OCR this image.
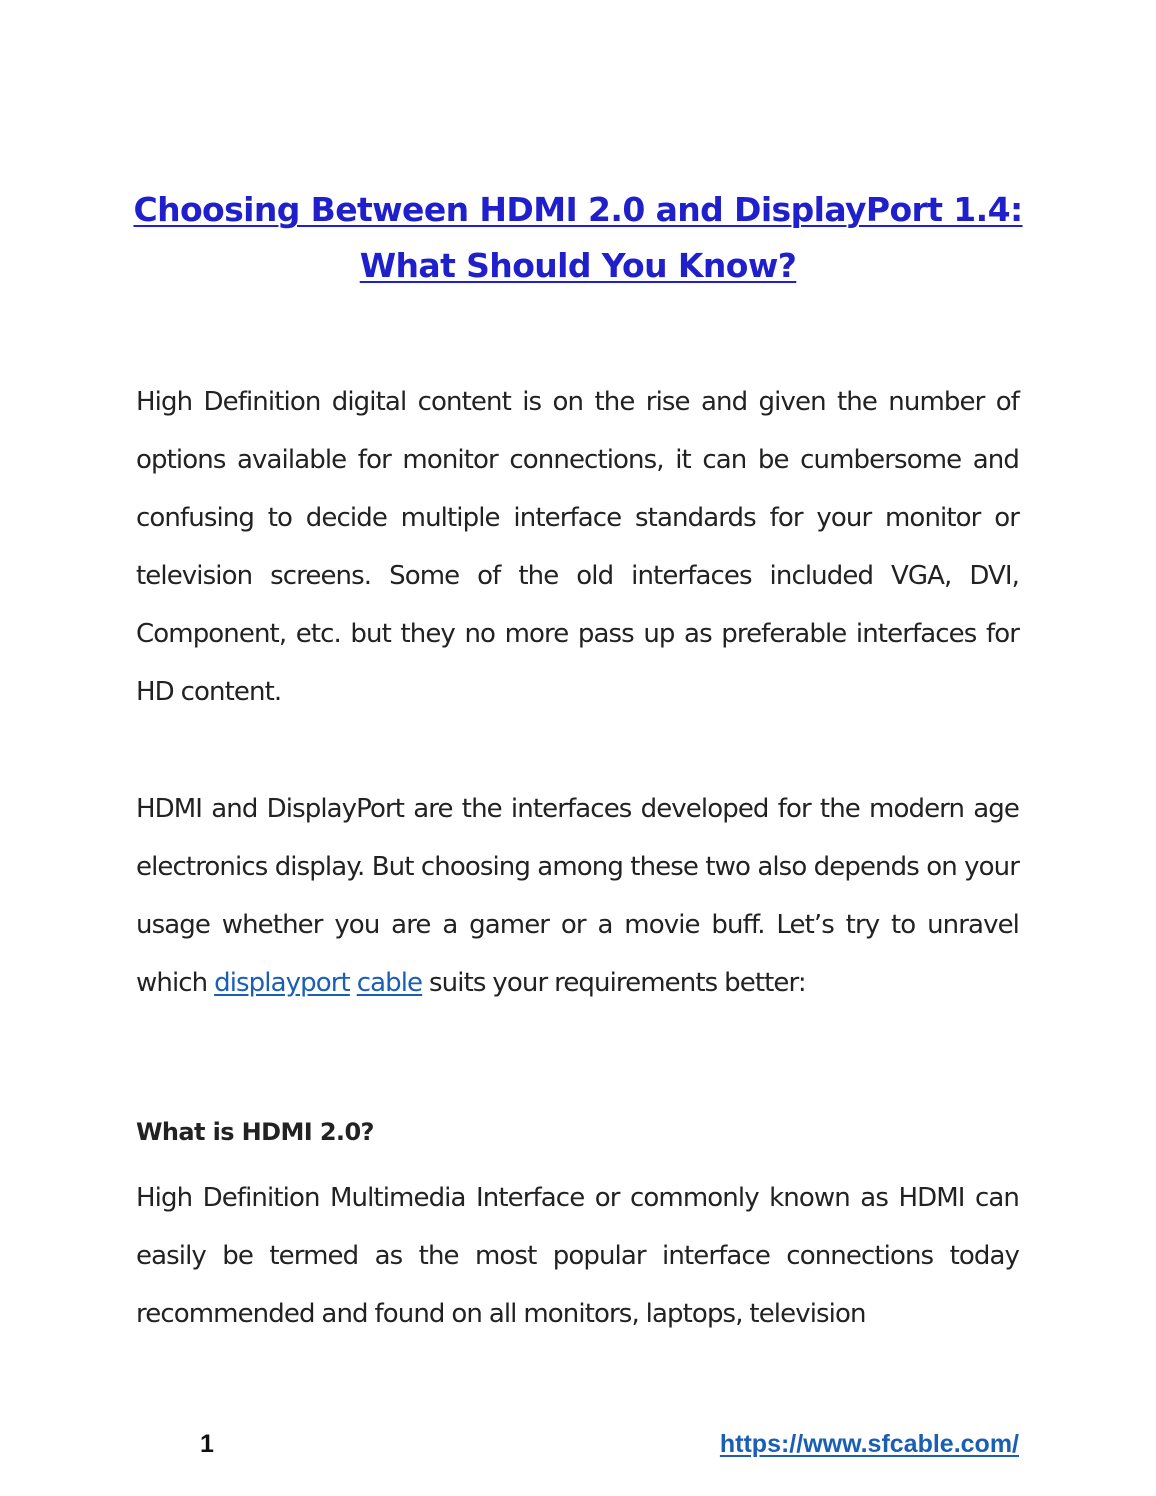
Choosing Between HDMI 2.0 and DisplayPort 1.4:
What Should You Know?

High Definition digital content is on the rise and given the number of options available for monitor connections, it can be cumbersome and confusing to decide multiple interface standards for your monitor or television screens. Some of the old interfaces included VGA, DVI, Component, etc. but they no more pass up as preferable interfaces for HD content.

HDMI and DisplayPort are the interfaces developed for the modern age electronics display. But choosing among these two also depends on your usage whether you are a gamer or a movie buff. Let’s try to unravel which displayport cable suits your requirements better:

What is HDMI 2.0?

High Definition Multimedia Interface or commonly known as HDMI can easily be termed as the most popular interface connections today recommended and found on all monitors, laptops, television

1	https://www.sfcable.com/
